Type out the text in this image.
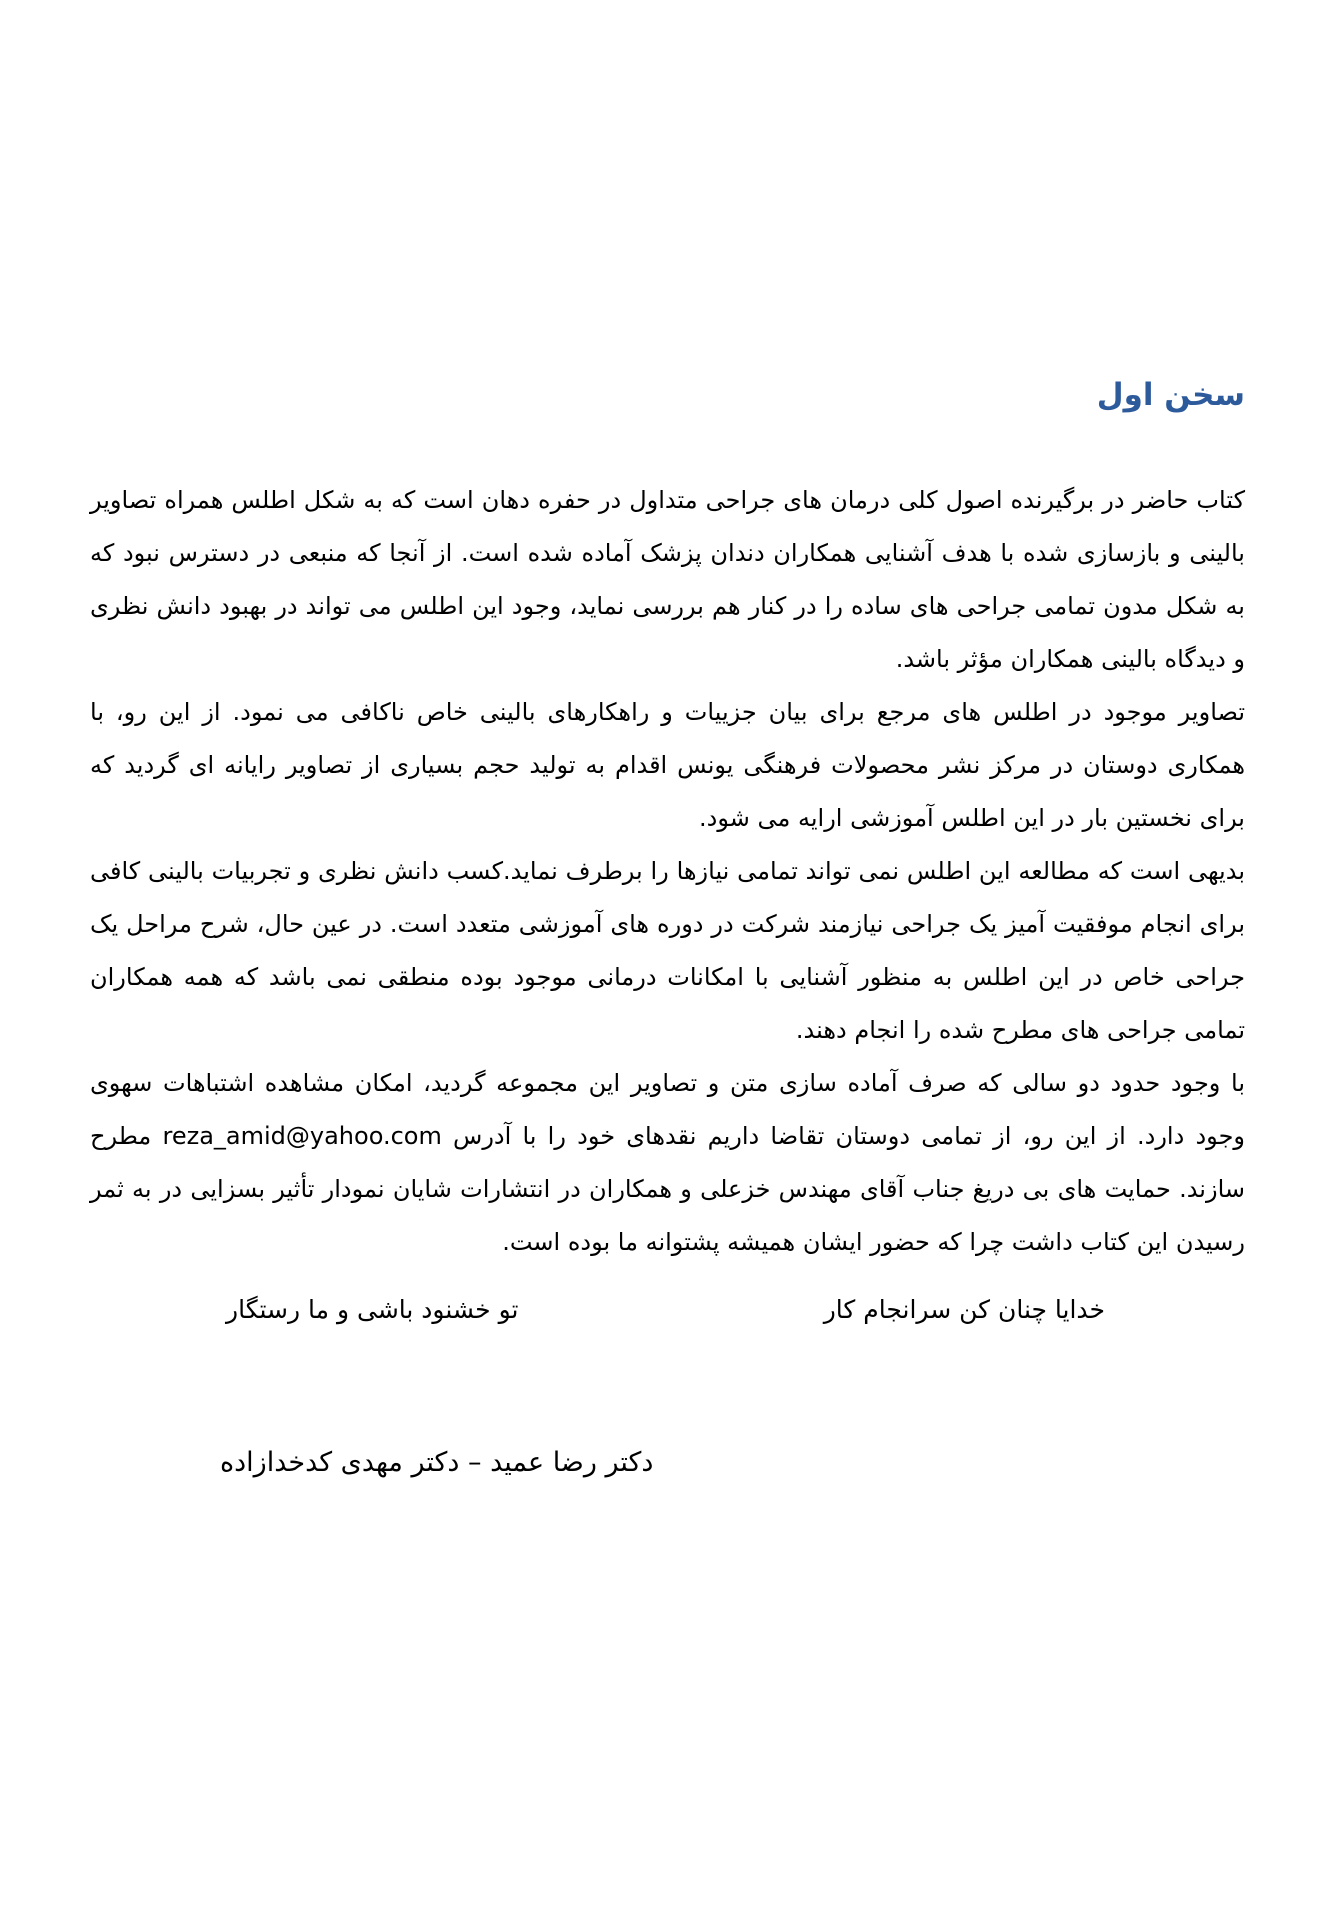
سخن اول

کتاب حاضر در برگیرنده اصول کلی درمان های جراحی متداول در حفره دهان است که به شکل اطلس همراه تصاویر بالینی و بازسازی شده با هدف آشنایی همکاران دندان پزشک آماده شده است. از آنجا که منبعی در دسترس نبود که به شکل مدون تمامی جراحی های ساده را در کنار هم بررسی نماید، وجود این اطلس می تواند در بهبود دانش نظری و دیدگاه بالینی همکاران مؤثر باشد.

تصاویر موجود در اطلس های مرجع برای بیان جزییات و راهکارهای بالینی خاص ناکافی می نمود. از این رو، با همکاری دوستان در مرکز نشر محصولات فرهنگی یونس اقدام به تولید حجم بسیاری از تصاویر رایانه ای گردید که برای نخستین بار در این اطلس آموزشی ارایه می شود.

بدیهی است که مطالعه این اطلس نمی تواند تمامی نیازها را برطرف نماید.کسب دانش نظری و تجربیات بالینی کافی برای انجام موفقیت آمیز یک جراحی نیازمند شرکت در دوره های آموزشی متعدد است. در عین حال، شرح مراحل یک جراحی خاص در این اطلس به منظور آشنایی با امکانات درمانی موجود بوده منطقی نمی باشد که همه همکاران تمامی جراحی های مطرح شده را انجام دهند.

با وجود حدود دو سالی که صرف آماده سازی متن و تصاویر این مجموعه گردید، امکان مشاهده اشتباهات سهوی وجود دارد. از این رو، از تمامی دوستان تقاضا داریم نقدهای خود را با آدرس reza_amid@yahoo.com مطرح سازند. حمایت های بی دریغ جناب آقای مهندس خزعلی و همکاران در انتشارات شایان نمودار تأثیر بسزایی در به ثمر رسیدن این کتاب داشت چرا که حضور ایشان همیشه پشتوانه ما بوده است.

خدایا چنان کن سرانجام کار
تو خشنود باشی و ما رستگار
دکتر رضا عمید – دکتر مهدی کدخدازاده
